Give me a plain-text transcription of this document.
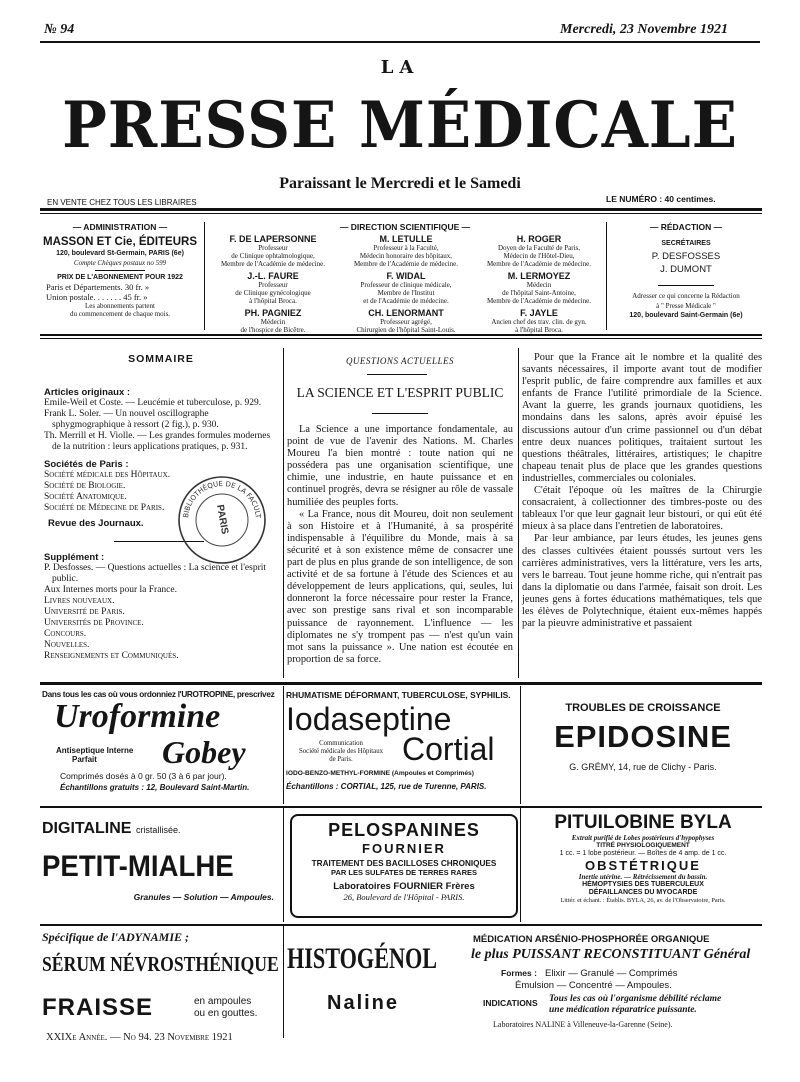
№ 94	Mercredi, 23 Novembre 1921
LA
PRESSE MÉDICALE
Paraissant le Mercredi et le Samedi
EN VENTE CHEZ TOUS LES LIBRAIRES	LE NUMÉRO : 40 centimes.
— ADMINISTRATION —
MASSON ET Cie, ÉDITEURS
120, boulevard St-Germain, PARIS (6e)
Compte Chèques postaux no 599
PRIX DE L'ABONNEMENT POUR 1922
Paris et Départements. 30 fr. »
Union postale. . . . . . . 45 fr. »
Les abonnements partent
du commencement de chaque mois.
— DIRECTION SCIENTIFIQUE —
F. DE LAPERSONNE
Professeur
de Clinique ophtalmologique,
Membre de l'Académie de médecine.
M. LETULLE
Professeur à la Faculté,
Médecin honoraire des hôpitaux,
Membre de l'Académie de médecine.
H. ROGER
Doyen de la Faculté de Paris,
Médecin de l'Hôtel-Dieu,
Membre de l'Académie de médecine.
J.-L. FAURE
Professeur
de Clinique gynécologique
à l'hôpital Broca.
F. WIDAL
Professeur de clinique médicale,
Membre de l'Institut
et de l'Académie de médecine.
M. LERMOYEZ
Médecin
de l'hôpital Saint-Antoine,
Membre de l'Académie de médecine.
PH. PAGNIEZ
Médecin
de l'hospice de Bicêtre.
CH. LENORMANT
Professeur agrégé,
Chirurgien de l'hôpital Saint-Louis.
F. JAYLE
Ancien chef des trav. clin. de gyn.
à l'hôpital Broca.
— RÉDACTION —
SECRÉTAIRES
P. DESFOSSES
J. DUMONT
Adresser ce qui concerne la Rédaction
à " Presse Médicale "
120, boulevard Saint-Germain (6e)
SOMMAIRE
Articles originaux :
Emile-Weil et Coste. — Leucémie et tuberculose, p. 929.
Frank L. Soler. — Un nouvel oscillographe sphygmographique à ressort (2 fig.), p. 930.
Th. Merrill et H. Violle. — Les grandes formules modernes de la nutrition : leurs applications pratiques, p. 931.
Sociétés de Paris :
Société médicale des Hôpitaux.
Société de Biologie.
Société Anatomique.
Société de Médecine de Paris.
Revue des Journaux.
Supplément :
P. Desfosses. — Questions actuelles : La science et l'esprit public.
Aux Internes morts pour la France.
Livres nouveaux.
Université de Paris.
Universités de Province.
Concours.
Nouvelles.
Renseignements et Communiqués.
BIBLIOTHÈQUE DE LA FACULT
PARIS
QUESTIONS ACTUELLES
LA SCIENCE ET L'ESPRIT PUBLIC

La Science a une importance fondamentale, au point de vue de l'avenir des Nations. M. Charles Moureu l'a bien montré : toute nation qui ne possédera pas une organisation scientifique, une chimie, une industrie, en haute puissance et en continuel progrès, devra se résigner au rôle de vassale humiliée des peuples forts.

« La France, nous dit Moureu, doit non seulement à son Histoire et à l'Humanité, à sa prospérité indispensable à l'équilibre du Monde, mais à sa sécurité et à son existence même de consacrer une part de plus en plus grande de son intelligence, de son activité et de sa fortune à l'étude des Sciences et au développement de leurs applications, qui, seules, lui donneront la force nécessaire pour rester la France, avec son prestige sans rival et son incomparable puissance de rayonnement. L'influence — les diplomates ne s'y trompent pas — n'est qu'un vain mot sans la puissance ». Une nation est écoutée en proportion de sa force.

Pour que la France ait le nombre et la qualité des savants nécessaires, il importe avant tout de modifier l'esprit public, de faire comprendre aux familles et aux enfants de France l'utilité primordiale de la Science. Avant la guerre, les grands journaux quotidiens, les mondains dans les salons, après avoir épuisé les discussions autour d'un crime passionnel ou d'un débat entre deux nuances politiques, traitaient surtout les questions théâtrales, littéraires, artistiques; le chapitre chapeau tenait plus de place que les grandes questions industrielles, commerciales ou coloniales.

C'était l'époque où les maîtres de la Chirurgie consacraient, à collectionner des timbres-poste ou des tableaux l'or que leur gagnait leur bistouri, or qui eût été mieux à sa place dans l'entretien de laboratoires.

Par leur ambiance, par leurs études, les jeunes gens des classes cultivées étaient poussés surtout vers les carrières administratives, vers la littérature, vers les arts, vers le barreau. Tout jeune homme riche, qui n'entrait pas dans la diplomatie ou dans l'armée, faisait son droit. Les jeunes gens à fortes éducations mathématiques, tels que les élèves de Polytechnique, étaient eux-mêmes happés par la pieuvre administrative et passaient

Dans tous les cas où vous ordonniez l'UROTROPINE, prescrivez
Uroformine
Antiseptique Interne
Parfait	Gobey
Comprimés dosés à 0 gr. 50 (3 à 6 par jour).
Échantillons gratuits : 12, Boulevard Saint-Martin.
RHUMATISME DÉFORMANT, TUBERCULOSE, SYPHILIS.
Iodaseptine
Communication
Société médicale des Hôpitaux
de Paris.	Cortial
IODO-BENZO-METHYL-FORMINE (Ampoules et Comprimés)
Échantillons : CORTIAL, 125, rue de Turenne, PARIS.
TROUBLES DE CROISSANCE
EPIDOSINE
G. GRÉMY, 14, rue de Clichy - Paris.
DIGITALINE cristallisée.
PETIT-MIALHE
Granules — Solution — Ampoules.
PELOSPANINES
FOURNIER
TRAITEMENT DES BACILLOSES CHRONIQUES
PAR LES SULFATES DE TERRES RARES
Laboratoires FOURNIER Frères
26, Boulevard de l'Hôpital - PARIS.
PITUILOBINE BYLA
Extrait purifié de Lobes postérieurs d'hypophyses
TITRÉ PHYSIOLOGIQUEMENT
1 cc. = 1 lobe postérieur. — Boîtes de 4 amp. de 1 cc.
OBSTÉTRIQUE
Inertie utérine. — Rétrécissement du bassin.
HÉMOPTYSIES DES TUBERCULEUX
DÉFAILLANCES DU MYOCARDE
Littér. et échant. : Établis. BYLA, 26, av. de l'Observatoire, Paris.
Spécifique de l'ADYNAMIE ;
SÉRUM NÉVROSTHÉNIQUE
FRAISSE	en ampoules
ou en gouttes.
HISTOGÉNOL
Naline
MÉDICATION ARSÉNIO-PHOSPHORÉE ORGANIQUE
le plus PUISSANT RECONSTITUANT Général
Formes : Elixir — Granulé — Comprimés
Émulsion — Concentré — Ampoules.
INDICATIONS Tous les cas où l'organisme débilité réclame
une médication réparatrice puissante.
Laboratoires NALINE à Villeneuve-la-Garenne (Seine).
XXIXe Année. — No 94. 23 Novembre 1921
